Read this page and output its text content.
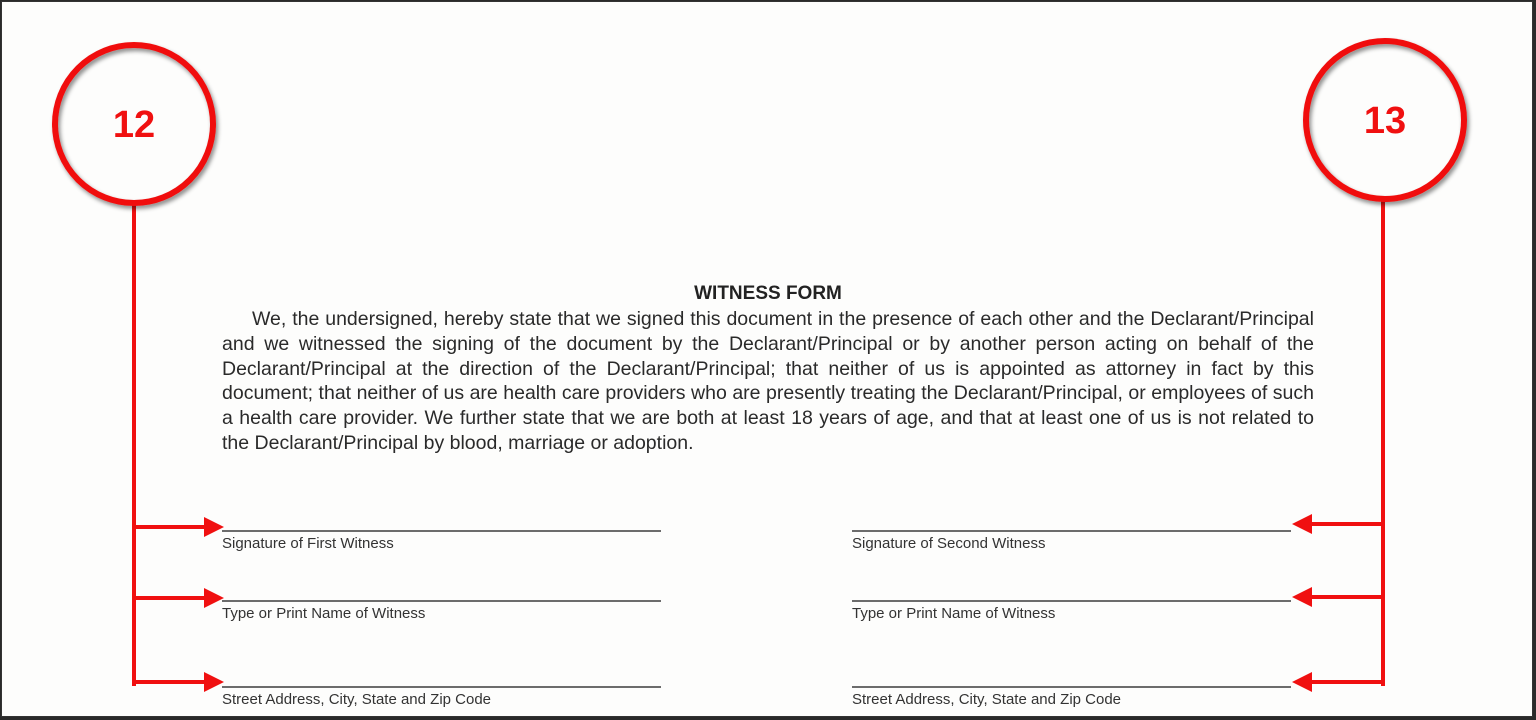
WITNESS FORM
We, the undersigned, hereby state that we signed this document in the presence of each other and the Declarant/Principal and we witnessed the signing of the document by the Declarant/Principal or by another person acting on behalf of the Declarant/Principal at the direction of the Declarant/Principal; that neither of us is appointed as attorney in fact by this document; that neither of us are health care providers who are presently treating the Declarant/Principal, or employees of such a health care provider. We further state that we are both at least 18 years of age, and that at least one of us is not related to the Declarant/Principal by blood, marriage or adoption.
Signature of First Witness
Type or Print Name of Witness
Street Address, City, State and Zip Code
Signature of Second Witness
Type or Print Name of Witness
Street Address, City, State and Zip Code
12	13
